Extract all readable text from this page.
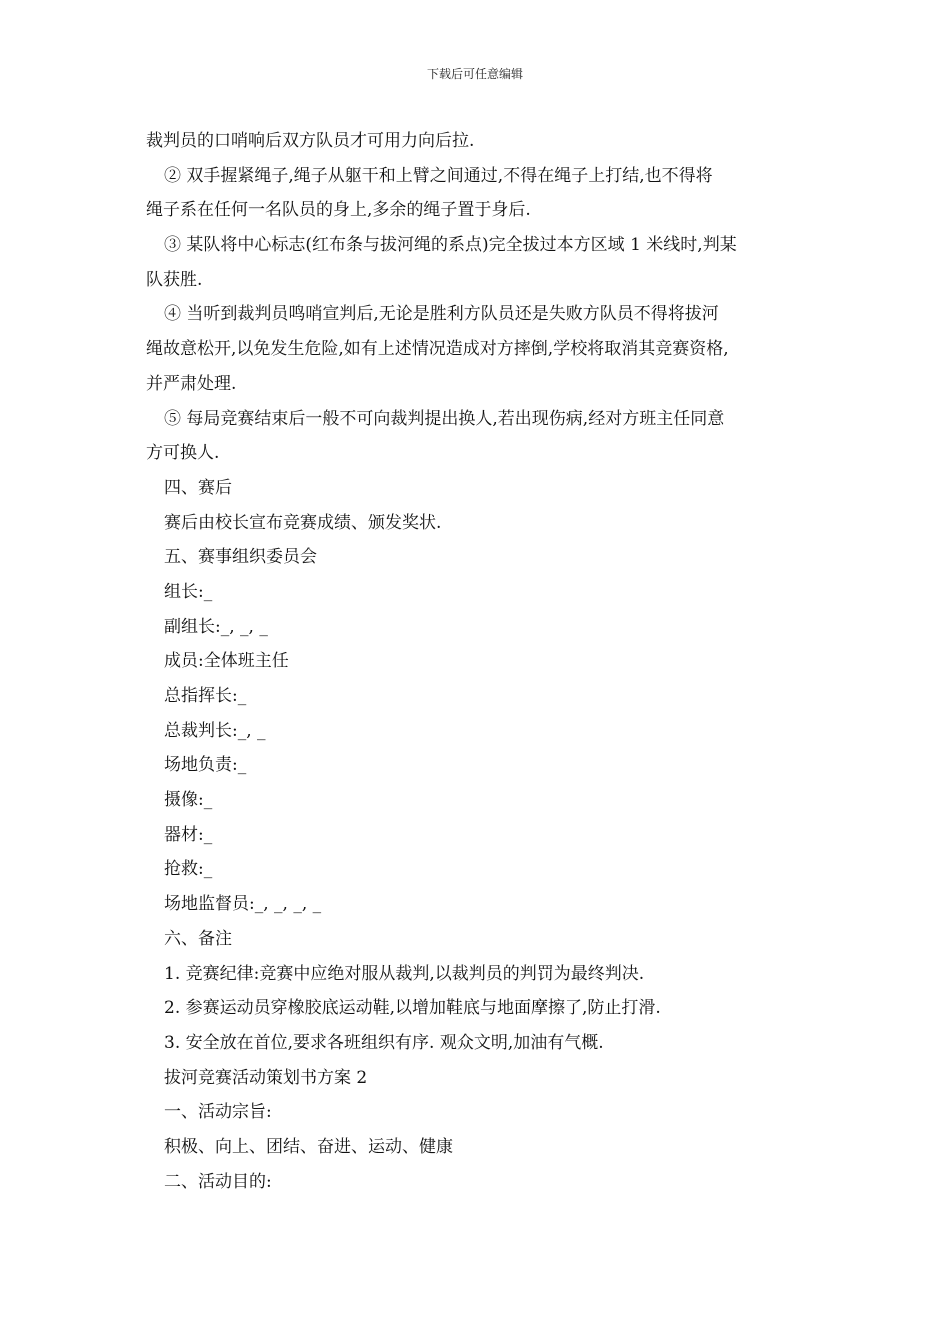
下载后可任意编辑
裁判员的口哨响后双方队员才可用力向后拉.
② 双手握紧绳子,绳子从躯干和上臂之间通过,不得在绳子上打结,也不得将
绳子系在任何一名队员的身上,多余的绳子置于身后.
③ 某队将中心标志(红布条与拔河绳的系点)完全拔过本方区域 1 米线时,判某
队获胜.
④ 当听到裁判员鸣哨宣判后,无论是胜利方队员还是失败方队员不得将拔河
绳故意松开,以免发生危险,如有上述情况造成对方摔倒,学校将取消其竞赛资格,
并严肃处理.
⑤ 每局竞赛结束后一般不可向裁判提出换人,若出现伤病,经对方班主任同意
方可换人.
四、赛后
赛后由校长宣布竞赛成绩、颁发奖状.
五、赛事组织委员会
组长:_
副组长:_, _, _
成员:全体班主任
总指挥长:_
总裁判长:_, _
场地负责:_
摄像:_
器材:_
抢救:_
场地监督员:_, _, _, _
六、备注
1. 竞赛纪律:竞赛中应绝对服从裁判,以裁判员的判罚为最终判决.
2. 参赛运动员穿橡胶底运动鞋,以增加鞋底与地面摩擦了,防止打滑.
3. 安全放在首位,要求各班组织有序. 观众文明,加油有气概.
拔河竞赛活动策划书方案 2
一、活动宗旨:
积极、向上、团结、奋进、运动、健康
二、活动目的:
